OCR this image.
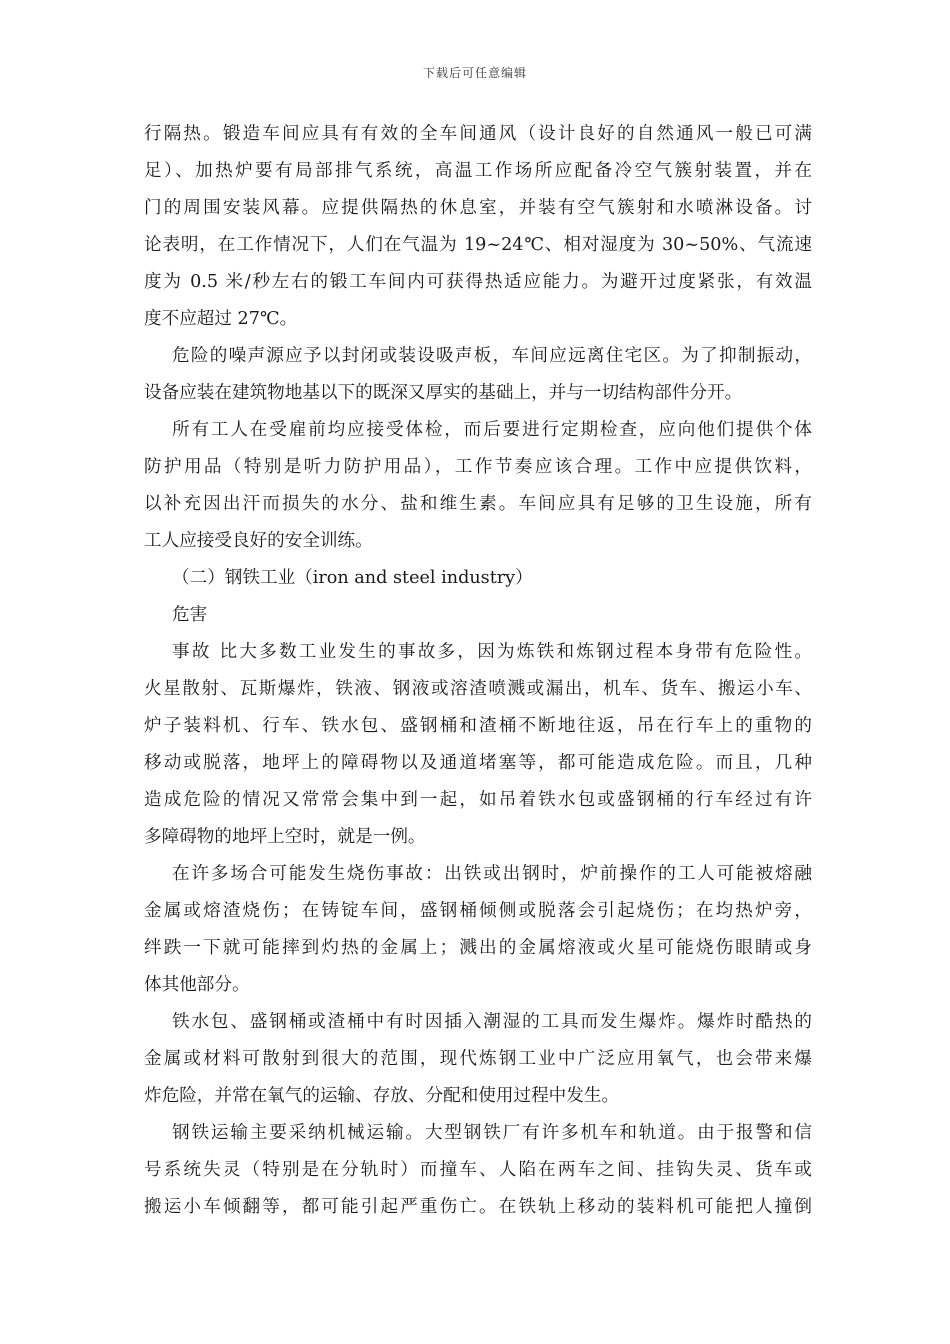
下载后可任意编辑
行隔热。锻造车间应具有有效的全车间通风（设计良好的自然通风一般已可满
足）、加热炉要有局部排气系统，高温工作场所应配备冷空气簇射装置，并在
门的周围安装风幕。应提供隔热的休息室，并装有空气簇射和水喷淋设备。讨
论表明，在工作情况下，人们在气温为 19~24℃、相对湿度为 30~50%、气流速
度为 0.5 米/秒左右的锻工车间内可获得热适应能力。为避开过度紧张，有效温
度不应超过 27℃。
危险的噪声源应予以封闭或装设吸声板，车间应远离住宅区。为了抑制振动，
设备应装在建筑物地基以下的既深又厚实的基础上，并与一切结构部件分开。
所有工人在受雇前均应接受体检，而后要进行定期检查，应向他们提供个体
防护用品（特别是听力防护用品），工作节奏应该合理。工作中应提供饮料，
以补充因出汗而损失的水分、盐和维生素。车间应具有足够的卫生设施，所有
工人应接受良好的安全训练。
（二）钢铁工业（iron and steel industry）
危害
事故 比大多数工业发生的事故多，因为炼铁和炼钢过程本身带有危险性。
火星散射、瓦斯爆炸，铁液、钢液或溶渣喷溅或漏出，机车、货车、搬运小车、
炉子装料机、行车、铁水包、盛钢桶和渣桶不断地往返，吊在行车上的重物的
移动或脱落，地坪上的障碍物以及通道堵塞等，都可能造成危险。而且，几种
造成危险的情况又常常会集中到一起，如吊着铁水包或盛钢桶的行车经过有许
多障碍物的地坪上空时，就是一例。
在许多场合可能发生烧伤事故：出铁或出钢时，炉前操作的工人可能被熔融
金属或熔渣烧伤；在铸锭车间，盛钢桶倾侧或脱落会引起烧伤；在均热炉旁，
绊跌一下就可能摔到灼热的金属上；溅出的金属熔液或火星可能烧伤眼睛或身
体其他部分。
铁水包、盛钢桶或渣桶中有时因插入潮湿的工具而发生爆炸。爆炸时酷热的
金属或材料可散射到很大的范围，现代炼钢工业中广泛应用氧气，也会带来爆
炸危险，并常在氧气的运输、存放、分配和使用过程中发生。
钢铁运输主要采纳机械运输。大型钢铁厂有许多机车和轨道。由于报警和信
号系统失灵（特别是在分轨时）而撞车、人陷在两车之间、挂钩失灵、货车或
搬运小车倾翻等，都可能引起严重伤亡。在铁轨上移动的装料机可能把人撞倒
